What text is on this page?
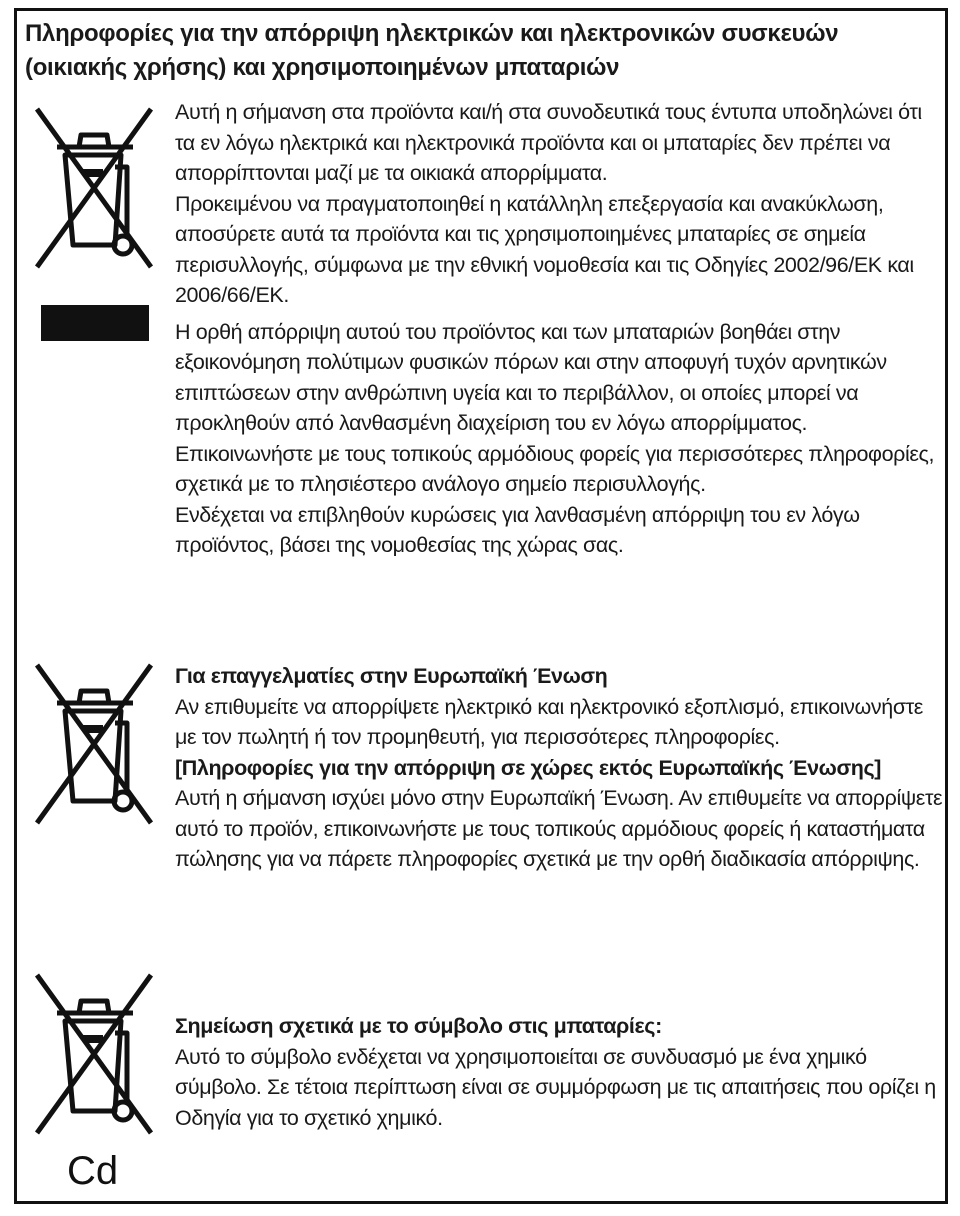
Πληροφορίες για την απόρριψη ηλεκτρικών και ηλεκτρονικών συσκευών (οικιακής χρήσης) και χρησιμοποιημένων μπαταριών

Αυτή η σήμανση στα προϊόντα και/ή στα συνοδευτικά τους έντυπα υποδηλώνει ότι τα εν λόγω ηλεκτρικά και ηλεκτρονικά προϊόντα και οι μπαταρίες δεν πρέπει να απορρίπτονται μαζί με τα οικιακά απορρίμματα.

Προκειμένου να πραγματοποιηθεί η κατάλληλη επεξεργασία και ανακύκλωση, αποσύρετε αυτά τα προϊόντα και τις χρησιμοποιημένες μπαταρίες σε σημεία περισυλλογής, σύμφωνα με την εθνική νομοθεσία και τις Οδηγίες 2002/96/ΕΚ και 2006/66/ΕΚ.

Η ορθή απόρριψη αυτού του προϊόντος και των μπαταριών βοηθάει στην εξοικονόμηση πολύτιμων φυσικών πόρων και στην αποφυγή τυχόν αρνητικών επιπτώσεων στην ανθρώπινη υγεία και το περιβάλλον, οι οποίες μπορεί να προκληθούν από λανθασμένη διαχείριση του εν λόγω απορρίμματος.

Επικοινωνήστε με τους τοπικούς αρμόδιους φορείς για περισσότερες πληροφορίες, σχετικά με το πλησιέστερο ανάλογο σημείο περισυλλογής.

Ενδέχεται να επιβληθούν κυρώσεις για λανθασμένη απόρριψη του εν λόγω προϊόντος, βάσει της νομοθεσίας της χώρας σας.

Για επαγγελματίες στην Ευρωπαϊκή Ένωση

Αν επιθυμείτε να απορρίψετε ηλεκτρικό και ηλεκτρονικό εξοπλισμό, επικοινωνήστε με τον πωλητή ή τον προμηθευτή, για περισσότερες πληροφορίες.

[Πληροφορίες για την απόρριψη σε χώρες εκτός Ευρωπαϊκής Ένωσης]

Αυτή η σήμανση ισχύει μόνο στην Ευρωπαϊκή Ένωση. Αν επιθυμείτε να απορρίψετε αυτό το προϊόν, επικοινωνήστε με τους τοπικούς αρμόδιους φορείς ή καταστήματα πώλησης για να πάρετε πληροφορίες σχετικά με την ορθή διαδικασία απόρριψης.

Cd

Σημείωση σχετικά με το σύμβολο στις μπαταρίες:

Αυτό το σύμβολο ενδέχεται να χρησιμοποιείται σε συνδυασμό με ένα χημικό σύμβολο. Σε τέτοια περίπτωση είναι σε συμμόρφωση με τις απαιτήσεις που ορίζει η Οδηγία για το σχετικό χημικό.
